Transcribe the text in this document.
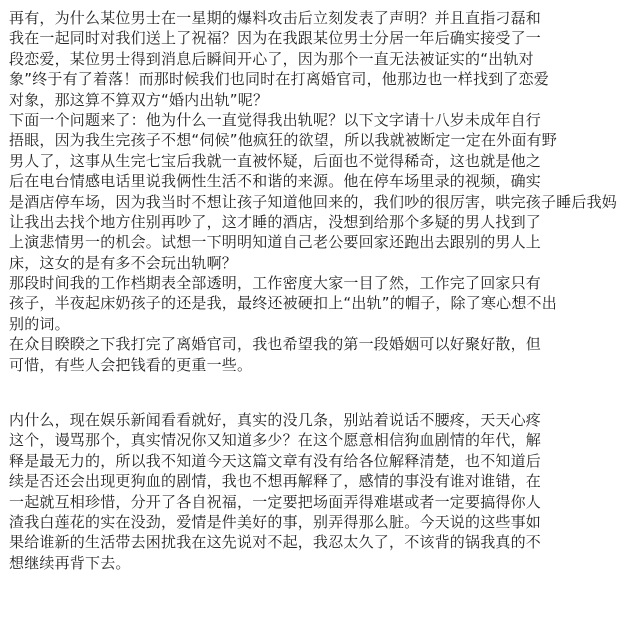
再有，为什么某位男士在一星期的爆料攻击后立刻发表了声明？并且直指刁磊和
我在一起同时对我们送上了祝福？因为在我跟某位男士分居一年后确实接受了一
段恋爱，某位男士得到消息后瞬间开心了，因为那个一直无法被证实的“出轨对
象”终于有了着落！而那时候我们也同时在打离婚官司，他那边也一样找到了恋爱
对象，那这算不算双方“婚内出轨”呢？
下面一个问题来了：他为什么一直觉得我出轨呢？以下文字请十八岁未成年自行
捂眼，因为我生完孩子不想“伺候”他疯狂的欲望，所以我就被断定一定在外面有野
男人了，这事从生完七宝后我就一直被怀疑，后面也不觉得稀奇，这也就是他之
后在电台情感电话里说我俩性生活不和谐的来源。他在停车场里录的视频，确实
是酒店停车场，因为我当时不想让孩子知道他回来的，我们吵的很厉害，哄完孩子睡后我妈
让我出去找个地方住别再吵了，这才睡的酒店，没想到给那个多疑的男人找到了
上演悲情男一的机会。试想一下明明知道自己老公要回家还跑出去跟别的男人上
床，这女的是有多不会玩出轨啊？
那段时间我的工作档期表全部透明，工作密度大家一目了然，工作完了回家只有
孩子，半夜起床奶孩子的还是我，最终还被硬扣上“出轨”的帽子，除了寒心想不出
别的词。
在众目睽睽之下我打完了离婚官司，我也希望我的第一段婚姻可以好聚好散，但
可惜，有些人会把钱看的更重一些。
内什么，现在娱乐新闻看看就好，真实的没几条，别站着说话不腰疼，天天心疼
这个，谩骂那个，真实情况你又知道多少？在这个愿意相信狗血剧情的年代，解
释是最无力的，所以我不知道今天这篇文章有没有给各位解释清楚，也不知道后
续是否还会出现更狗血的剧情，我也不想再解释了，感情的事没有谁对谁错，在
一起就互相珍惜，分开了各自祝福，一定要把场面弄得难堪或者一定要搞得你人
渣我白莲花的实在没劲，爱情是件美好的事，别弄得那么脏。今天说的这些事如
果给谁新的生活带去困扰我在这先说对不起，我忍太久了，不该背的锅我真的不
想继续再背下去。
